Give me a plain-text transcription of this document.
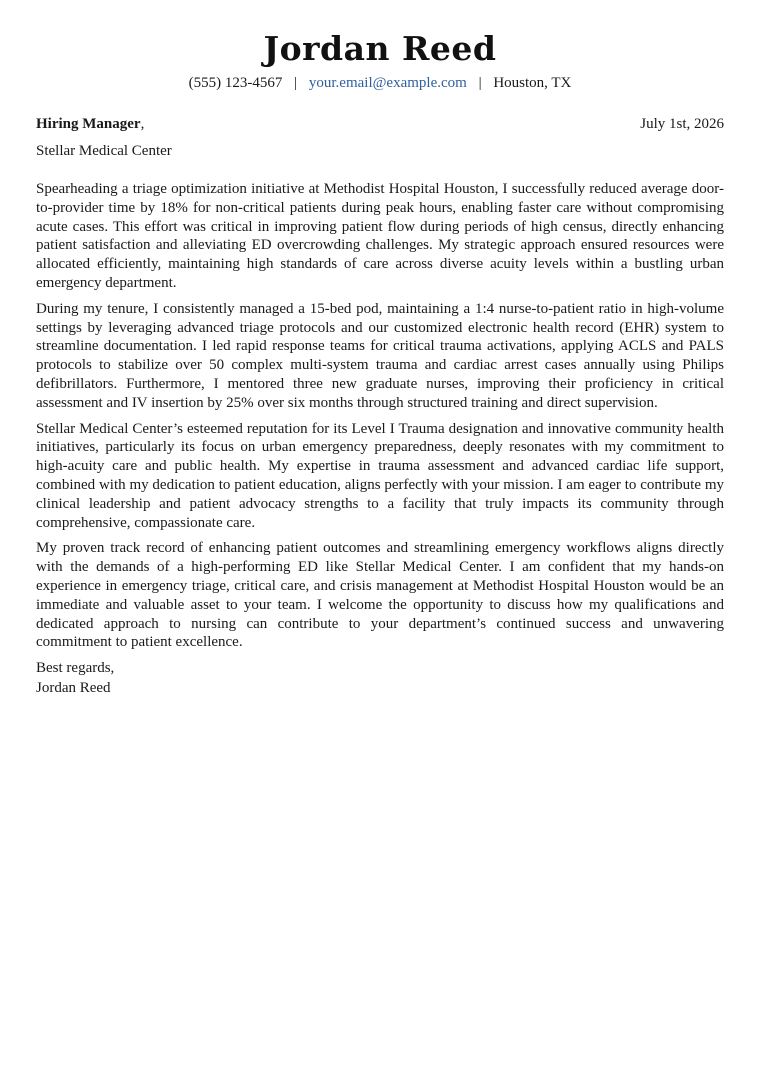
Jordan Reed
(555) 123-4567 | your.email@example.com | Houston, TX
Hiring Manager,	July 1st, 2026
Stellar Medical Center

Spearheading a triage optimization initiative at Methodist Hospital Houston, I successfully reduced average door-to-provider time by 18% for non-critical patients during peak hours, enabling faster care without compromising acute cases. This effort was critical in improving patient flow during periods of high census, directly enhancing patient satisfaction and alleviating ED overcrowding challenges. My strategic approach ensured resources were allocated efficiently, maintaining high standards of care across diverse acuity levels within a bustling urban emergency department.

During my tenure, I consistently managed a 15-bed pod, maintaining a 1:4 nurse-to-patient ratio in high-volume settings by leveraging advanced triage protocols and our customized electronic health record (EHR) system to streamline documentation. I led rapid response teams for critical trauma activations, applying ACLS and PALS protocols to stabilize over 50 complex multi-system trauma and cardiac arrest cases annually using Philips defibrillators. Furthermore, I mentored three new graduate nurses, improving their proficiency in critical assessment and IV insertion by 25% over six months through structured training and direct supervision.

Stellar Medical Center’s esteemed reputation for its Level I Trauma designation and innovative community health initiatives, particularly its focus on urban emergency preparedness, deeply resonates with my commitment to high-acuity care and public health. My expertise in trauma assessment and advanced cardiac life support, combined with my dedication to patient education, aligns perfectly with your mission. I am eager to contribute my clinical leadership and patient advocacy strengths to a facility that truly impacts its community through comprehensive, compassionate care.

My proven track record of enhancing patient outcomes and streamlining emergency workflows aligns directly with the demands of a high-performing ED like Stellar Medical Center. I am confident that my hands-on experience in emergency triage, critical care, and crisis management at Methodist Hospital Houston would be an immediate and valuable asset to your team. I welcome the opportunity to discuss how my qualifications and dedicated approach to nursing can contribute to your department’s continued success and unwavering commitment to patient excellence.

Best regards,
Jordan Reed
